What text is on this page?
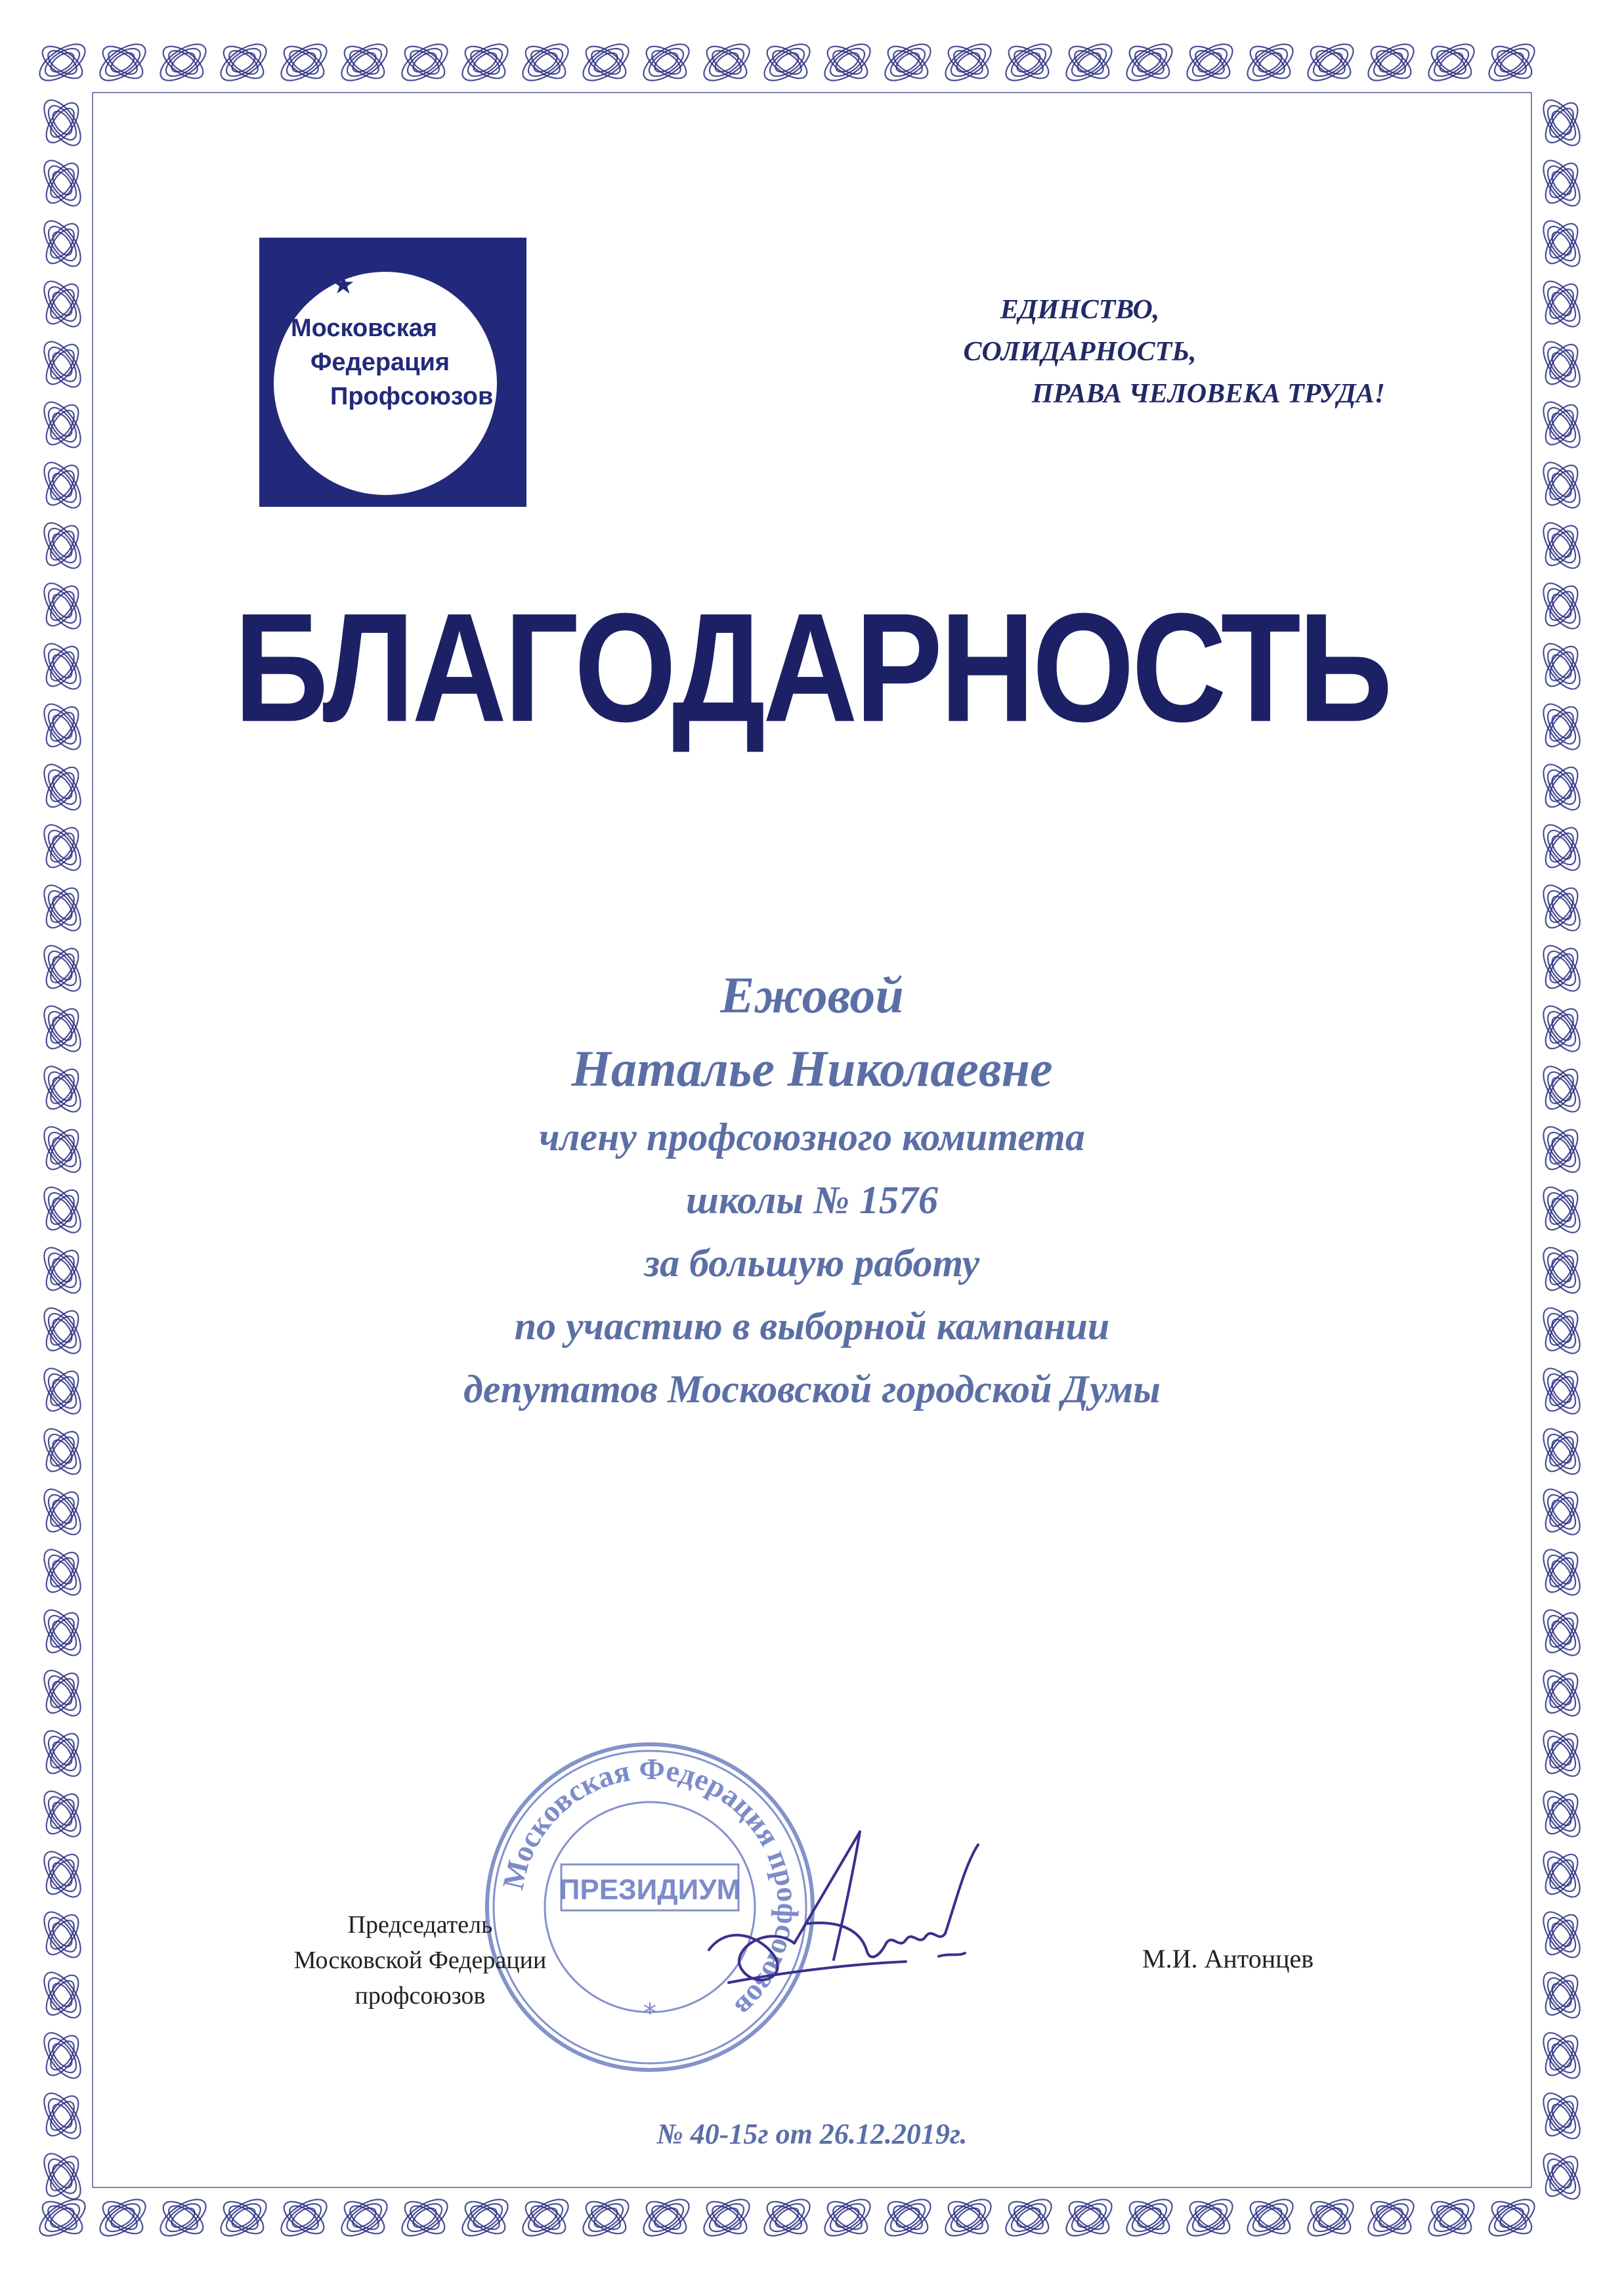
★
Московская
Федерация
Профсоюзов
ЕДИНСТВО,
СОЛИДАРНОСТЬ,
ПРАВА ЧЕЛОВЕКА ТРУДА!
БЛАГОДАРНОСТЬ
Ежовой
Наталье Николаевне
члену профсоюзного комитета
школы № 1576
за большую работу
по участию в выборной кампании
депутатов Московской городской Думы
Московская Федерация профсоюзов
ПРЕЗИДИУМ
*
Председатель
Московской Федерации
профсоюзов
М.И. Антонцев
№ 40-15г от 26.12.2019г.
